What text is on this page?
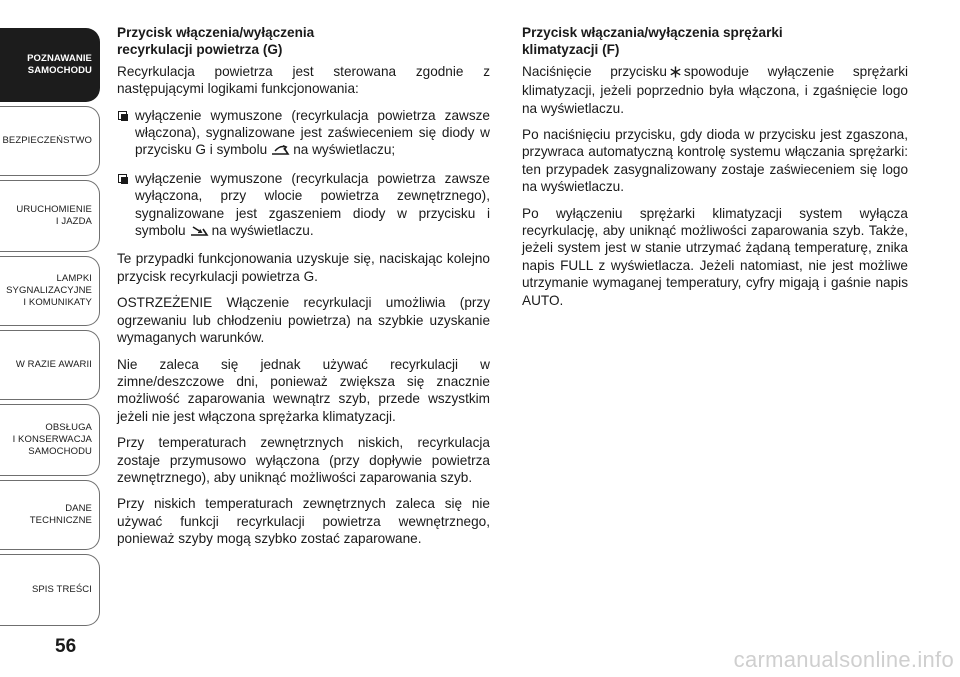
POZNAWANIE
SAMOCHODU
BEZPIECZEŃSTWO
URUCHOMIENIE
I JAZDA
LAMPKI
SYGNALIZACYJNE
I KOMUNIKATY
W RAZIE AWARII
OBSŁUGA
I KONSERWACJA
SAMOCHODU
DANE
TECHNICZNE
SPIS TREŚCI
56

Przycisk włączenia/wyłączenia
recyrkulacji powietrza (G)

Recyrkulacja powietrza jest sterowana zgodnie z następującymi logikami funkcjonowania:

wyłączenie wymuszone (recyrkulacja powietrza zawsze włączona), sygnalizowane jest zaświeceniem się diody w przycisku G i symbolu na wyświetlaczu;

wyłączenie wymuszone (recyrkulacja powietrza zawsze wyłączona, przy wlocie powietrza zewnętrznego), sygnalizowane jest zgaszeniem diody w przycisku i symbolu na wyświetlaczu.

Te przypadki funkcjonowania uzyskuje się, naciskając kolejno przycisk recyrkulacji powietrza G.

OSTRZEŻENIE Włączenie recyrkulacji umożliwia (przy ogrzewaniu lub chłodzeniu powietrza) na szybkie uzyskanie wymaganych warunków.

Nie zaleca się jednak używać recyrkulacji w zimne/deszczowe dni, ponieważ zwiększa się znacznie możliwość zaparowania wewnątrz szyb, przede wszystkim jeżeli nie jest włączona sprężarka klimatyzacji.

Przy temperaturach zewnętrznych niskich, recyrkulacja zostaje przymusowo wyłączona (przy dopływie powietrza zewnętrznego), aby uniknąć możliwości zaparowania szyb.

Przy niskich temperaturach zewnętrznych zaleca się nie używać funkcji recyrkulacji powietrza wewnętrznego, ponieważ szyby mogą szybko zostać zaparowane.

Przycisk włączania/wyłączenia sprężarki
klimatyzacji (F)

Naciśnięcie przycisku spowoduje wyłączenie sprężarki klimatyzacji, jeżeli poprzednio była włączona, i zgaśnięcie logo na wyświetlaczu.

Po naciśnięciu przycisku, gdy dioda w przycisku jest zgaszona, przywraca automatyczną kontrolę systemu włączania sprężarki: ten przypadek zasygnalizowany zostaje zaświeceniem się logo na wyświetlaczu.

Po wyłączeniu sprężarki klimatyzacji system wyłącza recyrkulację, aby uniknąć możliwości zaparowania szyb. Także, jeżeli system jest w stanie utrzymać żądaną temperaturę, znika napis FULL z wyświetlacza. Jeżeli natomiast, nie jest możliwe utrzymanie wymaganej temperatury, cyfry migają i gaśnie napis AUTO.

carmanualsonline.info
